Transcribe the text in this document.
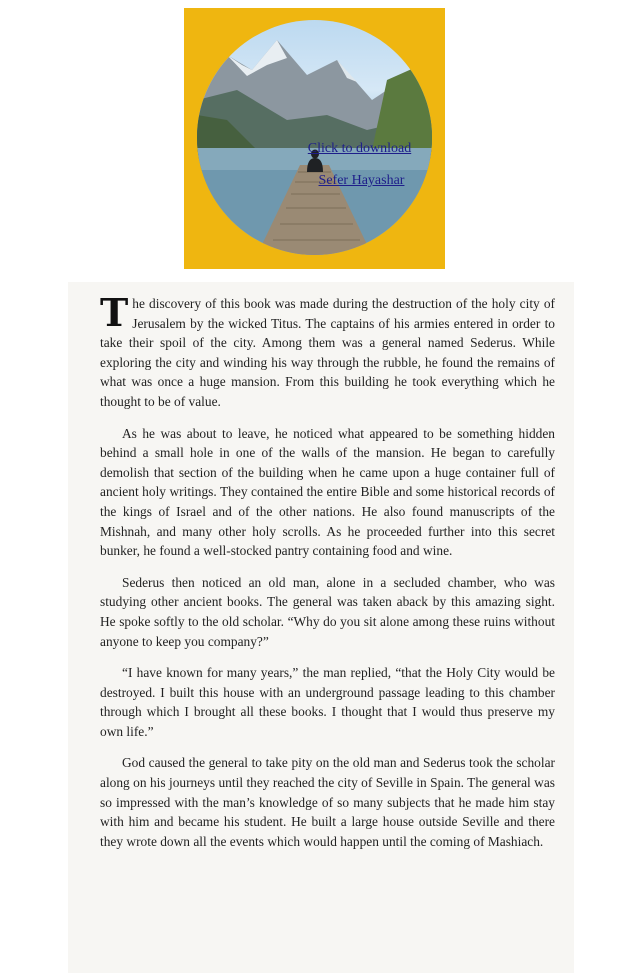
Click to download
Sefer Hayashar

The discovery of this book was made during the destruction of the holy city of Jerusalem by the wicked Titus. The captains of his armies entered in order to take their spoil of the city. Among them was a general named Sederus. While exploring the city and winding his way through the rubble, he found the remains of what was once a huge mansion. From this building he took everything which he thought to be of value.

As he was about to leave, he noticed what appeared to be something hidden behind a small hole in one of the walls of the mansion. He began to carefully demolish that section of the building when he came upon a huge container full of ancient holy writings. They contained the entire Bible and some historical records of the kings of Israel and of the other nations. He also found manuscripts of the Mishnah, and many other holy scrolls. As he proceeded further into this secret bunker, he found a well-stocked pantry containing food and wine.

Sederus then noticed an old man, alone in a secluded chamber, who was studying other ancient books. The general was taken aback by this amazing sight. He spoke softly to the old scholar. “Why do you sit alone among these ruins without anyone to keep you company?”

“I have known for many years,” the man replied, “that the Holy City would be destroyed. I built this house with an underground passage leading to this chamber through which I brought all these books. I thought that I would thus preserve my own life.”

God caused the general to take pity on the old man and Sederus took the scholar along on his journeys until they reached the city of Seville in Spain. The general was so impressed with the man’s knowledge of so many subjects that he made him stay with him and became his student. He built a large house outside Seville and there they wrote down all the events which would happen until the coming of Mashiach.
